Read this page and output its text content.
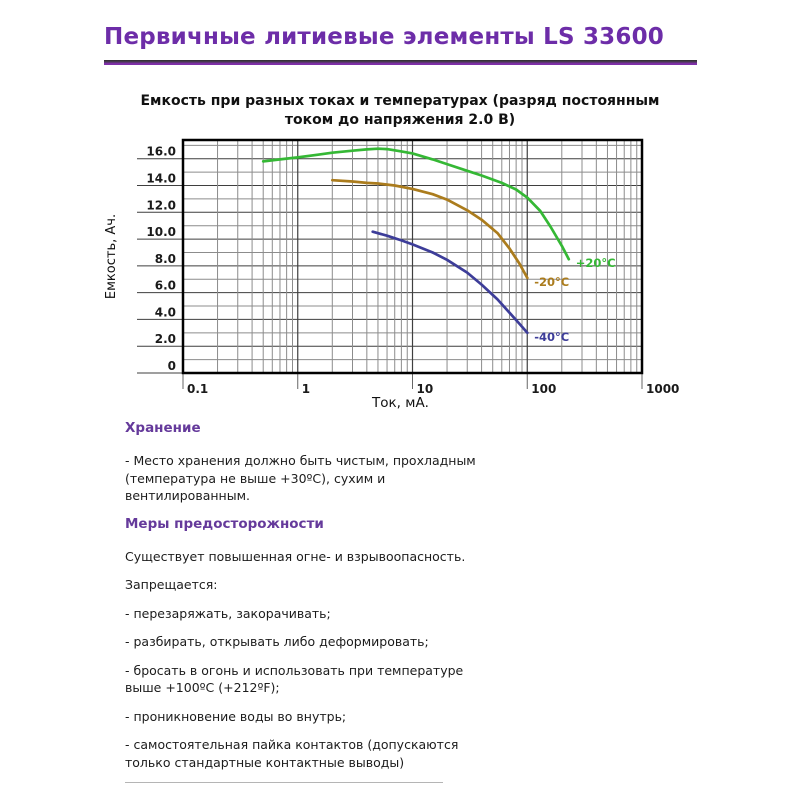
Первичные литиевые элементы LS 33600
Емкость при разных токах и температурах (разряд постоянным
током до напряжения 2.0 В)
0
2.0
4.0
6.0
8.0
10.0
12.0
14.0
16.0
0.1	1	10	100	1000
+20°C
-20°C
-40°C
Ток, мА.
Емкость, Ач.
Хранение

- Место хранения должно быть чистым, прохладным (температура не выше +30ºС), сухим и вентилированным.

Меры предосторожности

Существует повышенная огне- и взрывоопасность.

Запрещается:

- перезаряжать, закорачивать;

- разбирать, открывать либо деформировать;

- бросать в огонь и использовать при температуре выше +100ºС (+212ºF);

- проникновение воды во внутрь;

- самостоятельная пайка контактов (допускаются только стандартные контактные выводы)
